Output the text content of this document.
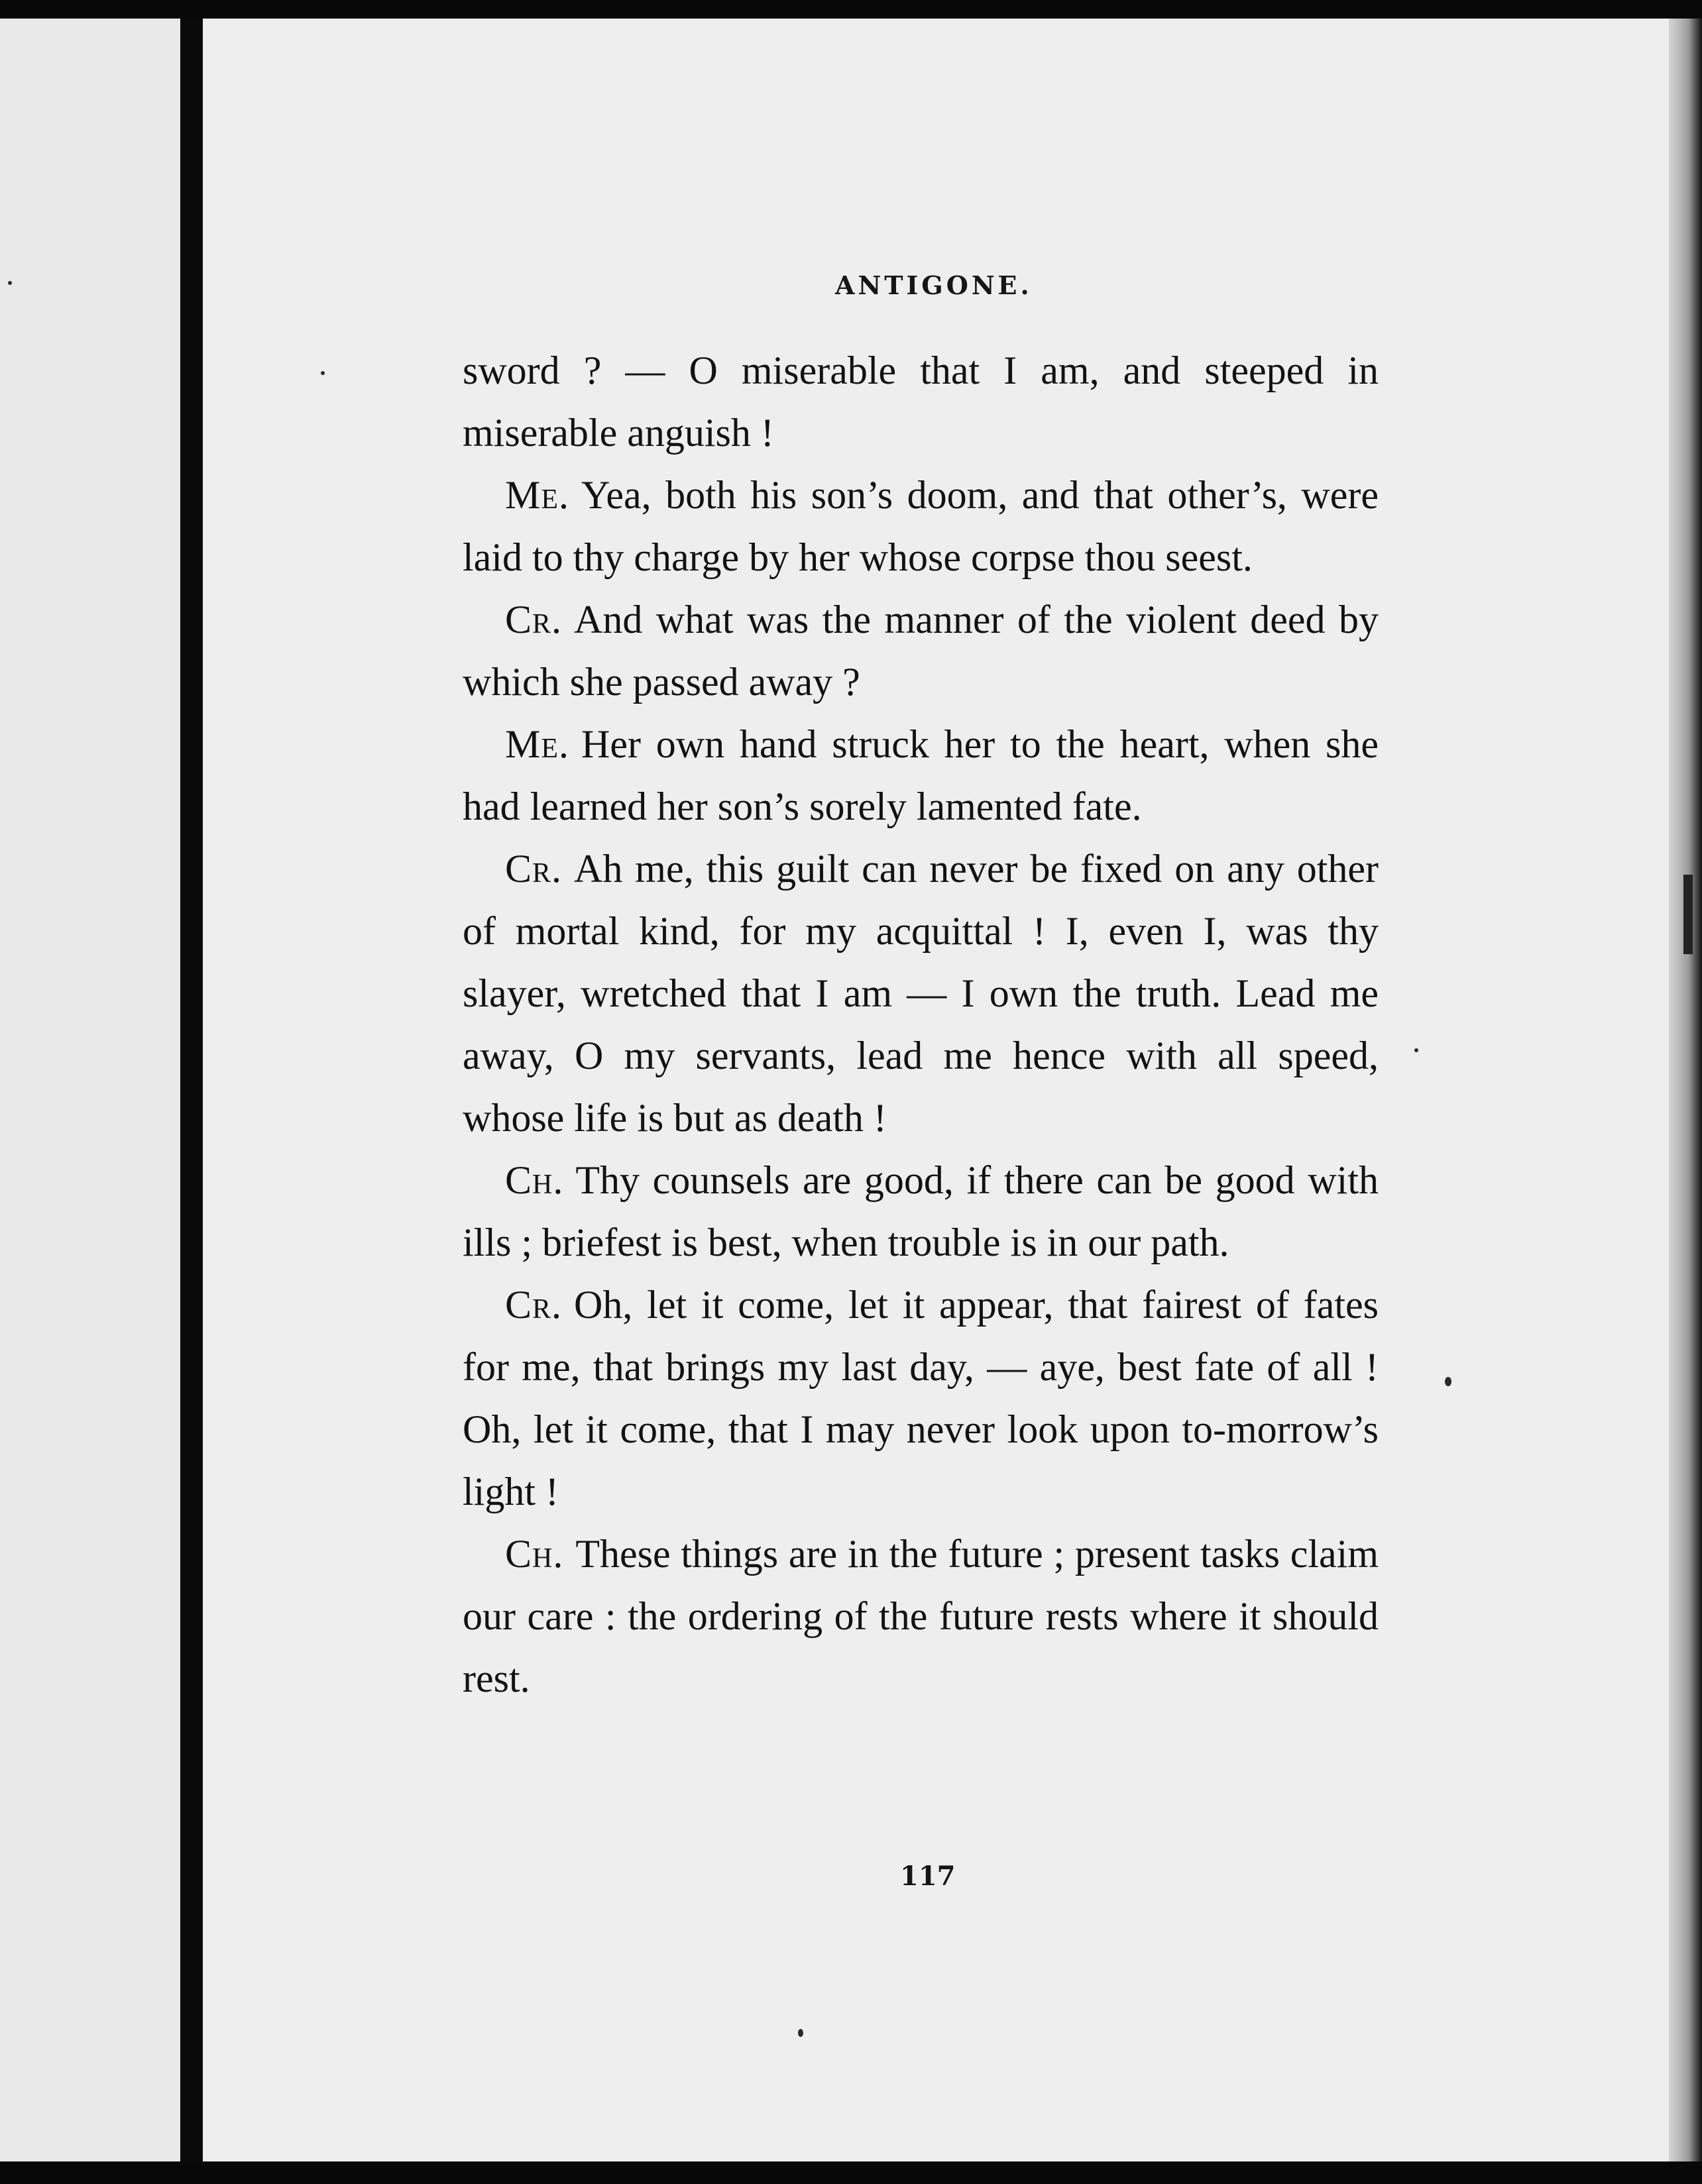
ANTIGONE.

sword ? — O miserable that I am, and steeped in miserable anguish !

Me. Yea, both his son’s doom, and that other’s, were laid to thy charge by her whose corpse thou seest.

Cr. And what was the manner of the violent deed by which she passed away ?

Me. Her own hand struck her to the heart, when she had learned her son’s sorely lamented fate.

Cr. Ah me, this guilt can never be fixed on any other of mortal kind, for my acquittal ! I, even I, was thy slayer, wretched that I am — I own the truth. Lead me away, O my servants, lead me hence with all speed, whose life is but as death !

Ch. Thy counsels are good, if there can be good with ills ; briefest is best, when trouble is in our path.

Cr. Oh, let it come, let it appear, that fairest of fates for me, that brings my last day, — aye, best fate of all ! Oh, let it come, that I may never look upon to-morrow’s light !

Ch. These things are in the future ; present tasks claim our care : the ordering of the future rests where it should rest.

117
